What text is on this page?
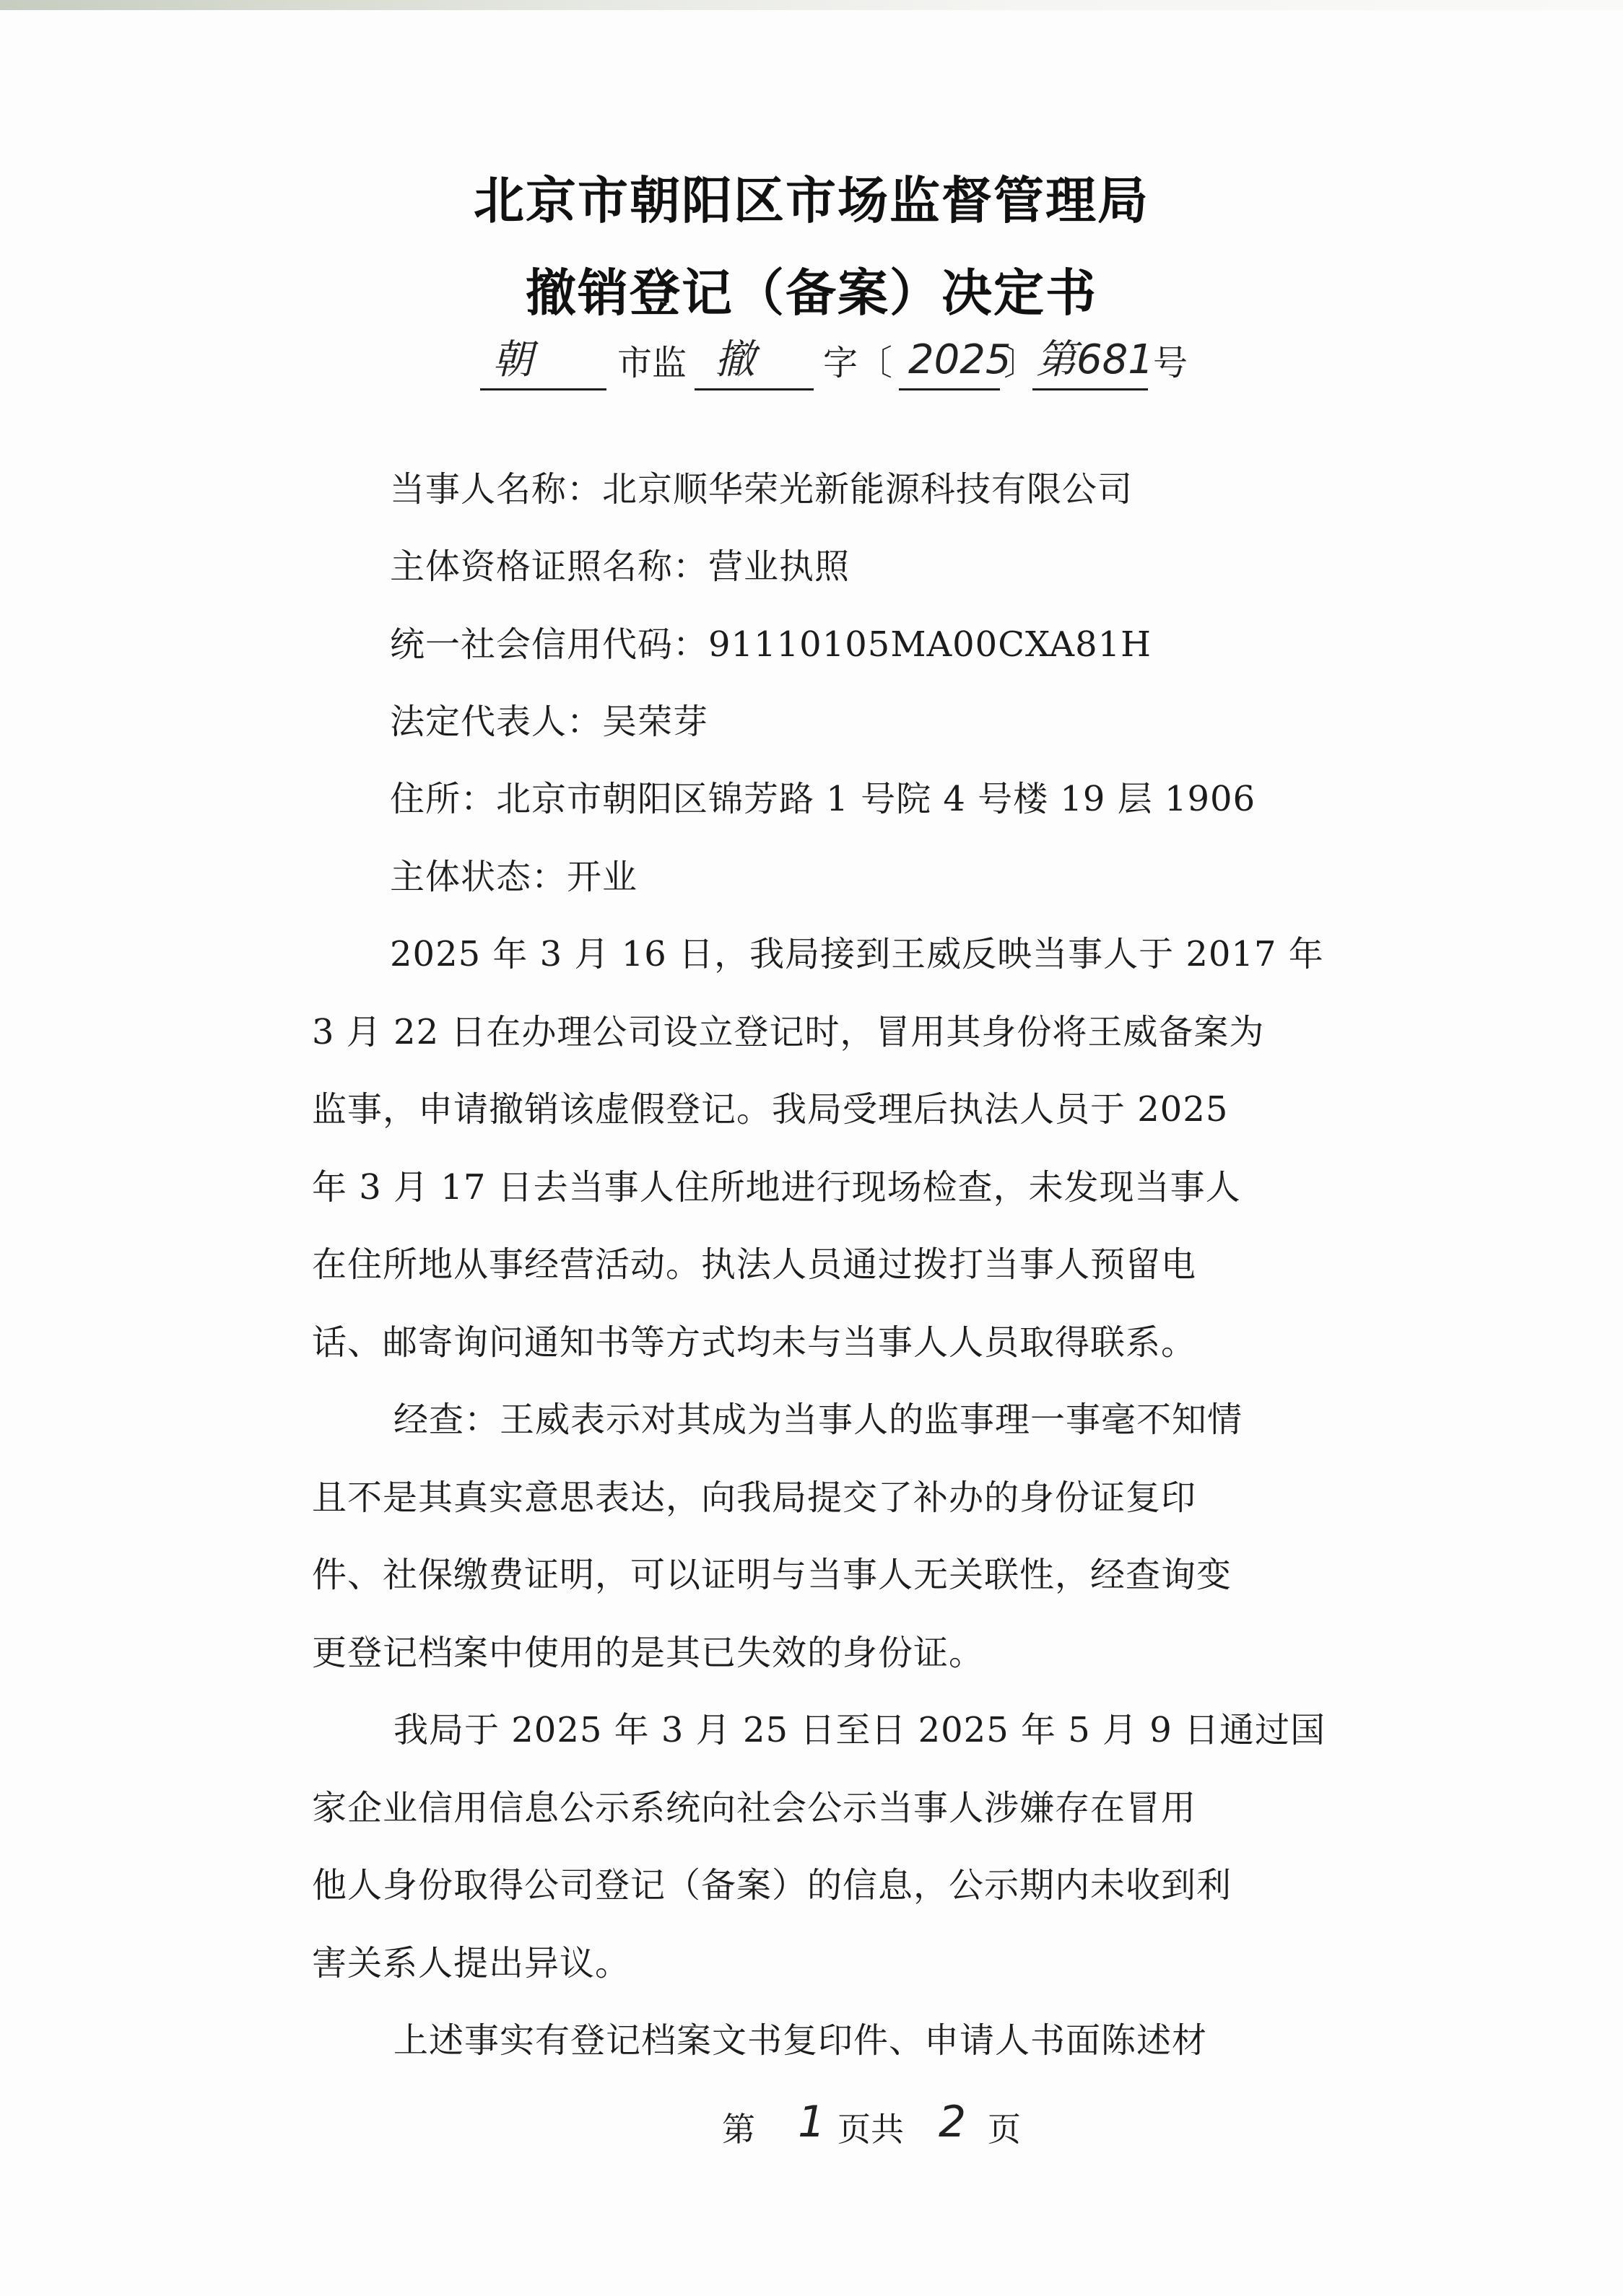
北京市朝阳区市场监督管理局
撤销登记（备案）决定书
朝 市监 撤 字〔 2025
〕
第681 号
当事人名称：北京顺华荣光新能源科技有限公司
主体资格证照名称：营业执照
统一社会信用代码：91110105MA00CXA81H
法定代表人：吴荣芽
住所：北京市朝阳区锦芳路 1 号院 4 号楼 19 层 1906
主体状态：开业
2025 年 3 月 16 日，我局接到王威反映当事人于 2017 年
3 月 22 日在办理公司设立登记时，冒用其身份将王威备案为
监事，申请撤销该虚假登记。我局受理后执法人员于 2025
年 3 月 17 日去当事人住所地进行现场检查，未发现当事人
在住所地从事经营活动。执法人员通过拨打当事人预留电
话、邮寄询问通知书等方式均未与当事人人员取得联系。
经查：王威表示对其成为当事人的监事理一事毫不知情
且不是其真实意思表达，向我局提交了补办的身份证复印
件、社保缴费证明，可以证明与当事人无关联性，经查询变
更登记档案中使用的是其已失效的身份证。
我局于 2025 年 3 月 25 日至日 2025 年 5 月 9 日通过国
家企业信用信息公示系统向社会公示当事人涉嫌存在冒用
他人身份取得公司登记（备案）的信息，公示期内未收到利
害关系人提出异议。
上述事实有登记档案文书复印件、申请人书面陈述材
第 1 页共 2 页
